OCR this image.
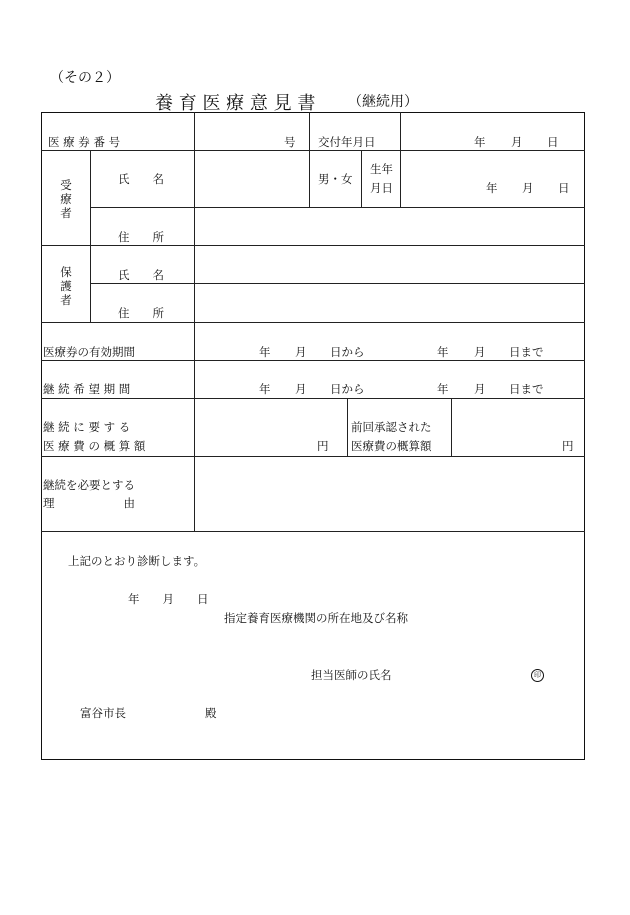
（その２）
養 育 医 療 意 見 書 （継続用）
医 療 券 番 号	号 交付年月日	年 月 日
受療者
氏　　名	男・女
生年
月日	年 月 日
住　　所
保護者
氏　　名
住　　所
医療券の有効期間	年 月 日から	年 月 日まで
継 続 希 望 期 間	年 月 日から	年 月 日まで
継 続 に 要 す る
医 療 費 の 概 算 額	円
前回承認された
医療費の概算額	円
継続を必要とする
理　　　　　　由
上記のとおり診断します。
年　　月　　日
指定養育医療機関の所在地及び名称
担当医師の氏名	印
富谷市長	殿
